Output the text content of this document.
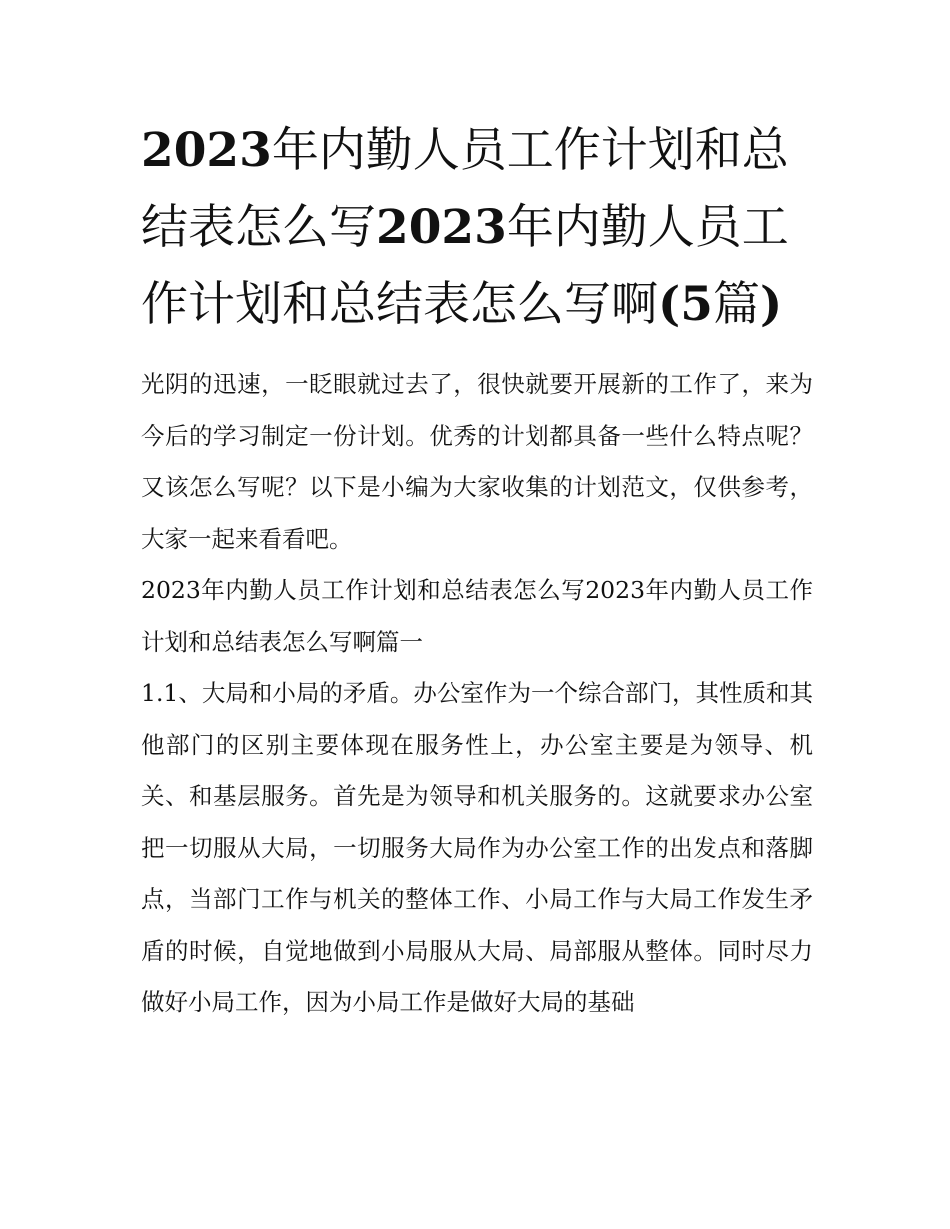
2023年内勤人员工作计划和总结表怎么写2023年内勤人员工作计划和总结表怎么写啊(5篇)

光阴的迅速，一眨眼就过去了，很快就要开展新的工作了，来为今后的学习制定一份计划。优秀的计划都具备一些什么特点呢？又该怎么写呢？以下是小编为大家收集的计划范文，仅供参考，大家一起来看看吧。

2023年内勤人员工作计划和总结表怎么写2023年内勤人员工作计划和总结表怎么写啊篇一

1.1、大局和小局的矛盾。办公室作为一个综合部门，其性质和其他部门的区别主要体现在服务性上，办公室主要是为领导、机关、和基层服务。首先是为领导和机关服务的。这就要求办公室把一切服从大局，一切服务大局作为办公室工作的出发点和落脚点，当部门工作与机关的整体工作、小局工作与大局工作发生矛盾的时候，自觉地做到小局服从大局、局部服从整体。同时尽力做好小局工作，因为小局工作是做好大局的基础
